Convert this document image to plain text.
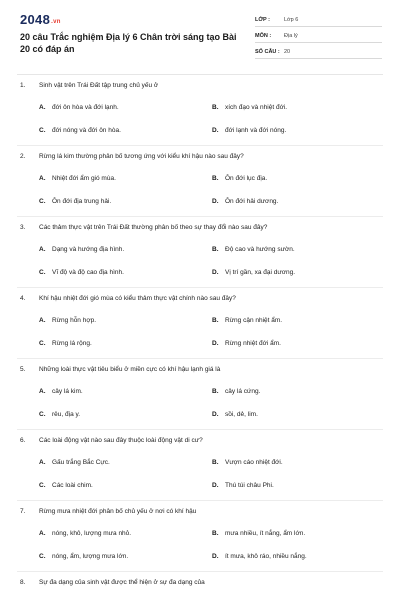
2048.vn
20 câu Trắc nghiệm Địa lý 6 Chân trời sáng tạo Bài 20 có đáp án
LỚP :	Lớp 6
MÔN : Địa lý
SỐ CÂU : 20
1. Sinh vật trên Trái Đất tập trung chủ yếu ở
A. đới ôn hòa và đới lạnh.	B. xích đạo và nhiệt đới.
C. đới nóng và đới ôn hòa.	D. đới lạnh và đới nóng.
2. Rừng lá kim thường phân bố tương ứng với kiểu khí hậu nào sau đây?
A. Nhiệt đới ẩm gió mùa.	B. Ôn đới lục địa.
C. Ôn đới địa trung hải.	D. Ôn đới hải dương.
3. Các thảm thực vật trên Trái Đất thường phân bố theo sự thay đổi nào sau đây?
A. Dạng và hướng địa hình.	B. Độ cao và hướng sườn.
C. Vĩ độ và độ cao địa hình.	D. Vị trí gần, xa đại dương.
4. Khí hậu nhiệt đới gió mùa có kiểu thảm thực vật chính nào sau đây?
A. Rừng hỗn hợp.	B. Rừng cận nhiệt ẩm.
C. Rừng lá rộng.	D. Rừng nhiệt đới ẩm.
5. Những loài thực vật tiêu biểu ở miền cực có khí hậu lạnh giá là
A. cây lá kim.	B. cây lá cứng.
C. rêu, địa y.	D. sồi, dẻ, lim.
6. Các loài động vật nào sau đây thuộc loài động vật di cư?
A. Gấu trắng Bắc Cực.	B. Vượn cáo nhiệt đới.
C. Các loài chim.	D. Thú túi châu Phi.
7. Rừng mưa nhiệt đới phân bố chủ yếu ở nơi có khí hậu
A. nóng, khô, lượng mưa nhỏ.	B. mưa nhiều, ít nắng, ẩm lớn.
C. nóng, ẩm, lượng mưa lớn.	D. ít mưa, khô ráo, nhiều nắng.
8. Sự đa dạng của sinh vật được thể hiện ở sự đa dạng của
